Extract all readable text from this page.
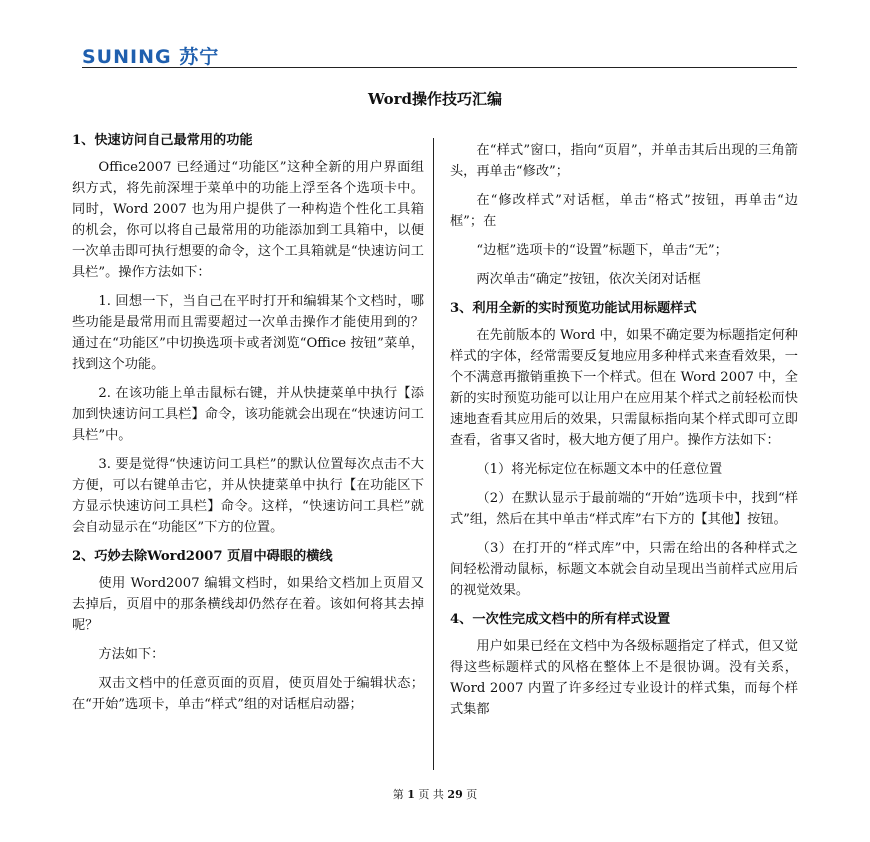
SUNING 苏宁
Word操作技巧汇编
1、快速访问自己最常用的功能

Office2007 已经通过“功能区”这种全新的用户界面组织方式，将先前深埋于菜单中的功能上浮至各个选项卡中。同时，Word 2007 也为用户提供了一种构造个性化工具箱的机会，你可以将自己最常用的功能添加到工具箱中，以便一次单击即可执行想要的命令，这个工具箱就是“快速访问工具栏”。操作方法如下：

1. 回想一下，当自己在平时打开和编辑某个文档时，哪些功能是最常用而且需要超过一次单击操作才能使用到的？通过在“功能区”中切换选项卡或者浏览“Office 按钮”菜单，找到这个功能。

2. 在该功能上单击鼠标右键，并从快捷菜单中执行【添加到快速访问工具栏】命令，该功能就会出现在“快速访问工具栏”中。

3. 要是觉得“快速访问工具栏”的默认位置每次点击不大方便，可以右键单击它，并从快捷菜单中执行【在功能区下方显示快速访问工具栏】命令。这样，“快速访问工具栏”就会自动显示在“功能区”下方的位置。

2、巧妙去除Word2007 页眉中碍眼的横线

使用 Word2007 编辑文档时，如果给文档加上页眉又去掉后，页眉中的那条横线却仍然存在着。该如何将其去掉呢？

方法如下：

双击文档中的任意页面的页眉，使页眉处于编辑状态；在“开始”选项卡，单击“样式”组的对话框启动器；

在“样式”窗口，指向“页眉”，并单击其后出现的三角箭头，再单击“修改”；

在“修改样式”对话框，单击“格式”按钮，再单击“边框”；在

“边框”选项卡的“设置”标题下，单击“无”；

两次单击“确定”按钮，依次关闭对话框

3、利用全新的实时预览功能试用标题样式

在先前版本的 Word 中，如果不确定要为标题指定何种样式的字体，经常需要反复地应用多种样式来查看效果，一个不满意再撤销重换下一个样式。但在 Word 2007 中，全新的实时预览功能可以让用户在应用某个样式之前轻松而快速地查看其应用后的效果，只需鼠标指向某个样式即可立即查看，省事又省时，极大地方便了用户。操作方法如下：

（1）将光标定位在标题文本中的任意位置

（2）在默认显示于最前端的“开始”选项卡中，找到“样式”组，然后在其中单击“样式库”右下方的【其他】按钮。

（3）在打开的“样式库”中，只需在给出的各种样式之间轻松滑动鼠标，标题文本就会自动呈现出当前样式应用后的视觉效果。

4、一次性完成文档中的所有样式设置

用户如果已经在文档中为各级标题指定了样式，但又觉得这些标题样式的风格在整体上不是很协调。没有关系，Word 2007 内置了许多经过专业设计的样式集，而每个样式集都

第 1 页 共 29 页
